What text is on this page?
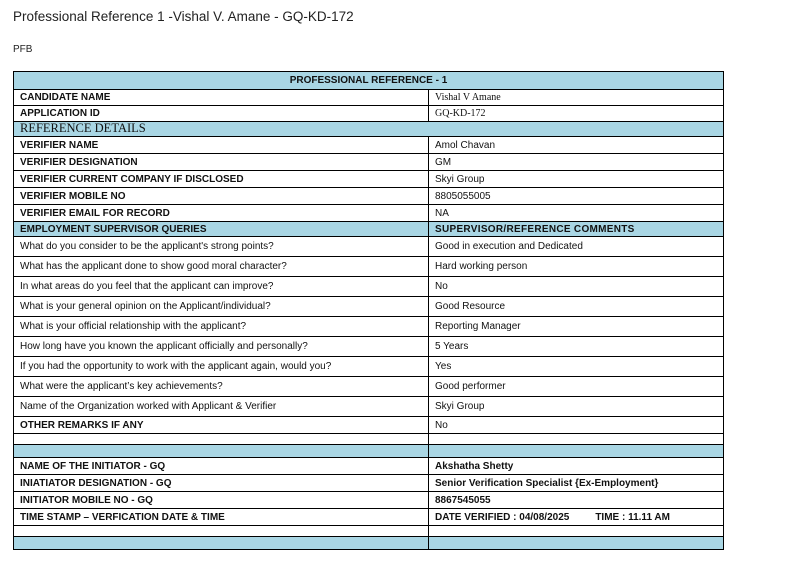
Professional Reference 1 -Vishal V. Amane - GQ-KD-172
PFB
PROFESSIONAL REFERENCE - 1	
CANDIDATE NAME	Vishal V Amane
APPLICATION ID	GQ-KD-172
REFERENCE DETAILS	
VERIFIER NAME	Amol Chavan
VERIFIER DESIGNATION	GM
VERIFIER CURRENT COMPANY IF DISCLOSED	Skyi Group
VERIFIER MOBILE NO	8805055005
VERIFIER EMAIL FOR RECORD	NA
EMPLOYMENT SUPERVISOR QUERIES	SUPERVISOR/REFERENCE COMMENTS
What do you consider to be the applicant's strong points?	Good in execution and Dedicated
What has the applicant done to show good moral character?	Hard working person
In what areas do you feel that the applicant can improve?	No
What is your general opinion on the Applicant/individual?	Good Resource
What is your official relationship with the applicant?	Reporting Manager
How long have you known the applicant officially and personally?	5 Years
If you had the opportunity to work with the applicant again, would you?	Yes
What were the applicant’s key achievements?	Good performer
Name of the Organization worked with Applicant & Verifier	Skyi Group
OTHER REMARKS IF ANY	No

NAME OF THE INITIATOR - GQ	Akshatha Shetty
INIATIATOR DESIGNATION - GQ	Senior Verification Specialist {Ex-Employment}
INITIATOR MOBILE NO - GQ	8867545055
TIME STAMP – VERFICATION DATE & TIME	DATE VERIFIED : 04/08/2025 TIME : 11.11 AM
